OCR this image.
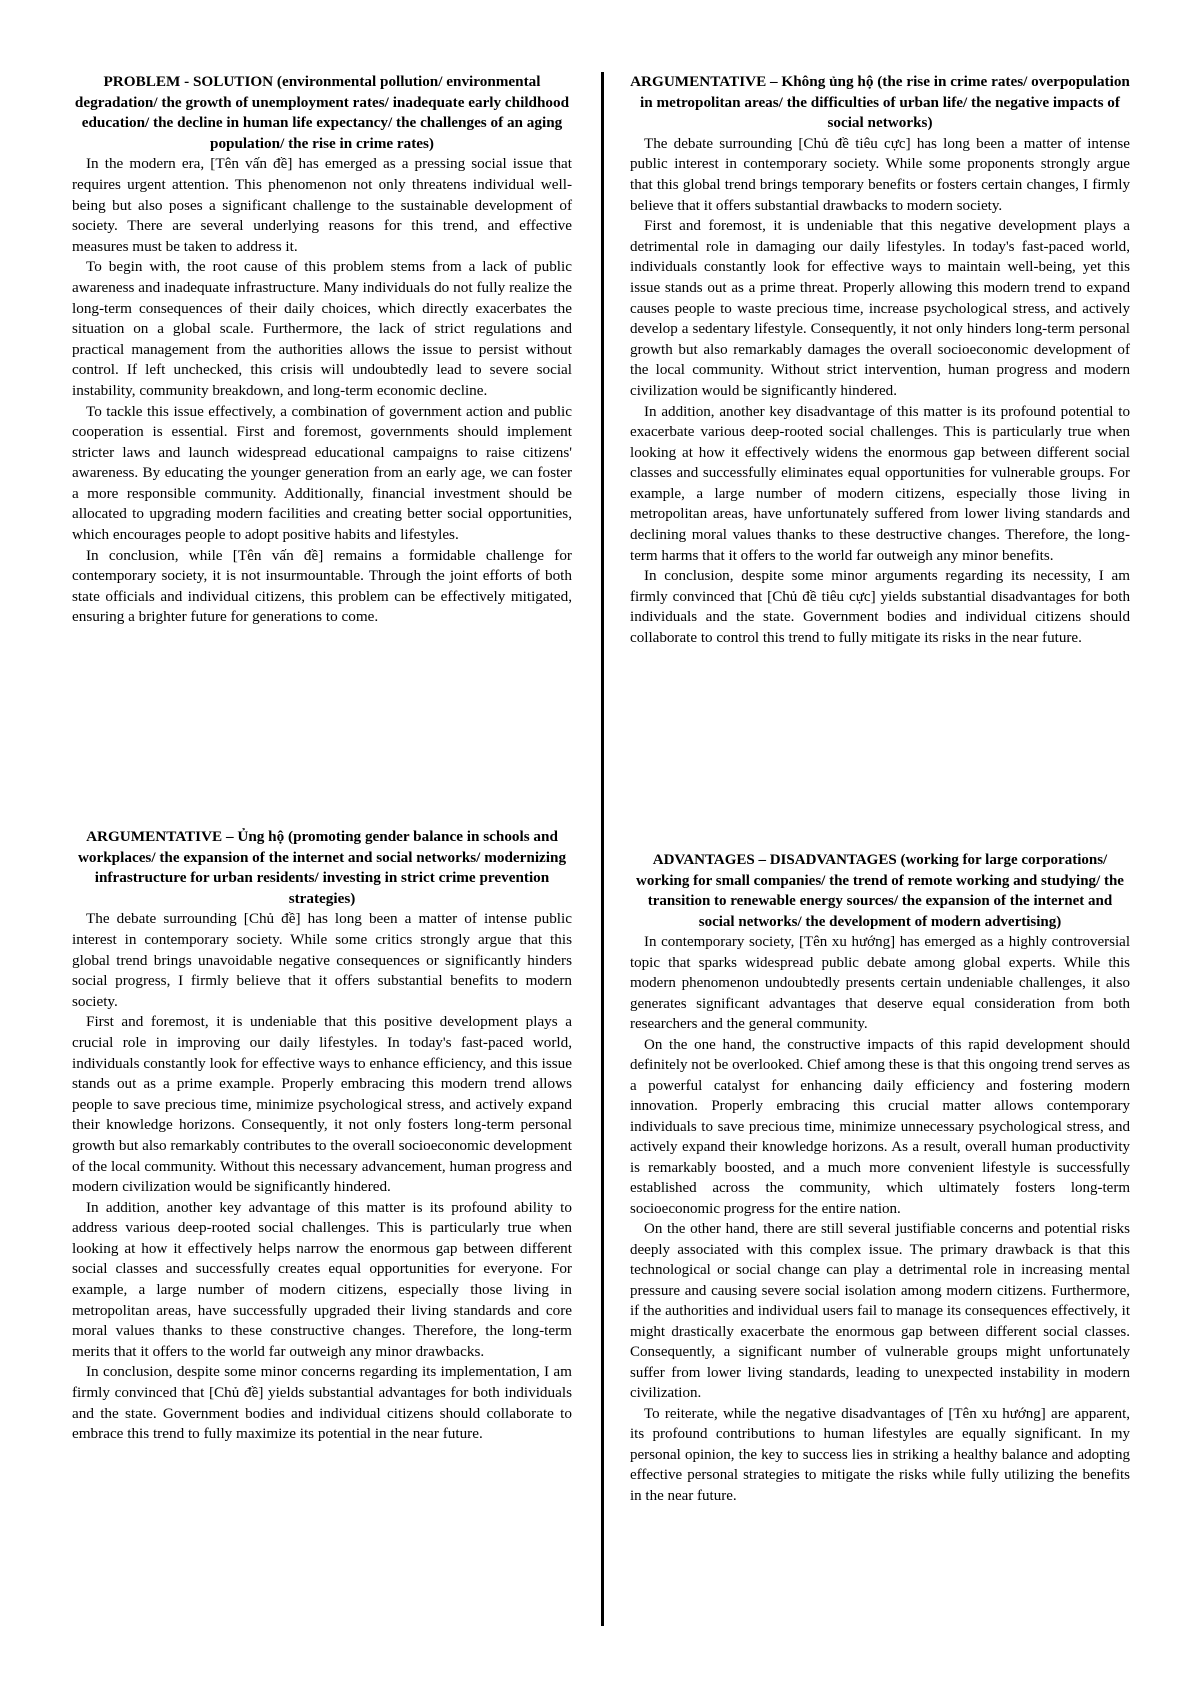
PROBLEM - SOLUTION (environmental pollution/ environmental degradation/ the growth of unemployment rates/ inadequate early childhood education/ the decline in human life expectancy/ the challenges of an aging population/ the rise in crime rates)

In the modern era, [Tên vấn đề] has emerged as a pressing social issue that requires urgent attention. This phenomenon not only threatens individual well-being but also poses a significant challenge to the sustainable development of society. There are several underlying reasons for this trend, and effective measures must be taken to address it.

To begin with, the root cause of this problem stems from a lack of public awareness and inadequate infrastructure. Many individuals do not fully realize the long-term consequences of their daily choices, which directly exacerbates the situation on a global scale. Furthermore, the lack of strict regulations and practical management from the authorities allows the issue to persist without control. If left unchecked, this crisis will undoubtedly lead to severe social instability, community breakdown, and long-term economic decline.

To tackle this issue effectively, a combination of government action and public cooperation is essential. First and foremost, governments should implement stricter laws and launch widespread educational campaigns to raise citizens' awareness. By educating the younger generation from an early age, we can foster a more responsible community. Additionally, financial investment should be allocated to upgrading modern facilities and creating better social opportunities, which encourages people to adopt positive habits and lifestyles.

In conclusion, while [Tên vấn đề] remains a formidable challenge for contemporary society, it is not insurmountable. Through the joint efforts of both state officials and individual citizens, this problem can be effectively mitigated, ensuring a brighter future for generations to come.

ARGUMENTATIVE – Ủng hộ (promoting gender balance in schools and workplaces/ the expansion of the internet and social networks/ modernizing infrastructure for urban residents/ investing in strict crime prevention strategies)

The debate surrounding [Chủ đề] has long been a matter of intense public interest in contemporary society. While some critics strongly argue that this global trend brings unavoidable negative consequences or significantly hinders social progress, I firmly believe that it offers substantial benefits to modern society.

First and foremost, it is undeniable that this positive development plays a crucial role in improving our daily lifestyles. In today's fast-paced world, individuals constantly look for effective ways to enhance efficiency, and this issue stands out as a prime example. Properly embracing this modern trend allows people to save precious time, minimize psychological stress, and actively expand their knowledge horizons. Consequently, it not only fosters long-term personal growth but also remarkably contributes to the overall socioeconomic development of the local community. Without this necessary advancement, human progress and modern civilization would be significantly hindered.

In addition, another key advantage of this matter is its profound ability to address various deep-rooted social challenges. This is particularly true when looking at how it effectively helps narrow the enormous gap between different social classes and successfully creates equal opportunities for everyone. For example, a large number of modern citizens, especially those living in metropolitan areas, have successfully upgraded their living standards and core moral values thanks to these constructive changes. Therefore, the long-term merits that it offers to the world far outweigh any minor drawbacks.

In conclusion, despite some minor concerns regarding its implementation, I am firmly convinced that [Chủ đề] yields substantial advantages for both individuals and the state. Government bodies and individual citizens should collaborate to embrace this trend to fully maximize its potential in the near future.

ARGUMENTATIVE – Không ủng hộ (the rise in crime rates/ overpopulation in metropolitan areas/ the difficulties of urban life/ the negative impacts of social networks)

The debate surrounding [Chủ đề tiêu cực] has long been a matter of intense public interest in contemporary society. While some proponents strongly argue that this global trend brings temporary benefits or fosters certain changes, I firmly believe that it offers substantial drawbacks to modern society.

First and foremost, it is undeniable that this negative development plays a detrimental role in damaging our daily lifestyles. In today's fast-paced world, individuals constantly look for effective ways to maintain well-being, yet this issue stands out as a prime threat. Properly allowing this modern trend to expand causes people to waste precious time, increase psychological stress, and actively develop a sedentary lifestyle. Consequently, it not only hinders long-term personal growth but also remarkably damages the overall socioeconomic development of the local community. Without strict intervention, human progress and modern civilization would be significantly hindered.

In addition, another key disadvantage of this matter is its profound potential to exacerbate various deep-rooted social challenges. This is particularly true when looking at how it effectively widens the enormous gap between different social classes and successfully eliminates equal opportunities for vulnerable groups. For example, a large number of modern citizens, especially those living in metropolitan areas, have unfortunately suffered from lower living standards and declining moral values thanks to these destructive changes. Therefore, the long-term harms that it offers to the world far outweigh any minor benefits.

In conclusion, despite some minor arguments regarding its necessity, I am firmly convinced that [Chủ đề tiêu cực] yields substantial disadvantages for both individuals and the state. Government bodies and individual citizens should collaborate to control this trend to fully mitigate its risks in the near future.

ADVANTAGES – DISADVANTAGES (working for large corporations/ working for small companies/ the trend of remote working and studying/ the transition to renewable energy sources/ the expansion of the internet and social networks/ the development of modern advertising)

In contemporary society, [Tên xu hướng] has emerged as a highly controversial topic that sparks widespread public debate among global experts. While this modern phenomenon undoubtedly presents certain undeniable challenges, it also generates significant advantages that deserve equal consideration from both researchers and the general community.

On the one hand, the constructive impacts of this rapid development should definitely not be overlooked. Chief among these is that this ongoing trend serves as a powerful catalyst for enhancing daily efficiency and fostering modern innovation. Properly embracing this crucial matter allows contemporary individuals to save precious time, minimize unnecessary psychological stress, and actively expand their knowledge horizons. As a result, overall human productivity is remarkably boosted, and a much more convenient lifestyle is successfully established across the community, which ultimately fosters long-term socioeconomic progress for the entire nation.

On the other hand, there are still several justifiable concerns and potential risks deeply associated with this complex issue. The primary drawback is that this technological or social change can play a detrimental role in increasing mental pressure and causing severe social isolation among modern citizens. Furthermore, if the authorities and individual users fail to manage its consequences effectively, it might drastically exacerbate the enormous gap between different social classes. Consequently, a significant number of vulnerable groups might unfortunately suffer from lower living standards, leading to unexpected instability in modern civilization.

To reiterate, while the negative disadvantages of [Tên xu hướng] are apparent, its profound contributions to human lifestyles are equally significant. In my personal opinion, the key to success lies in striking a healthy balance and adopting effective personal strategies to mitigate the risks while fully utilizing the benefits in the near future.
